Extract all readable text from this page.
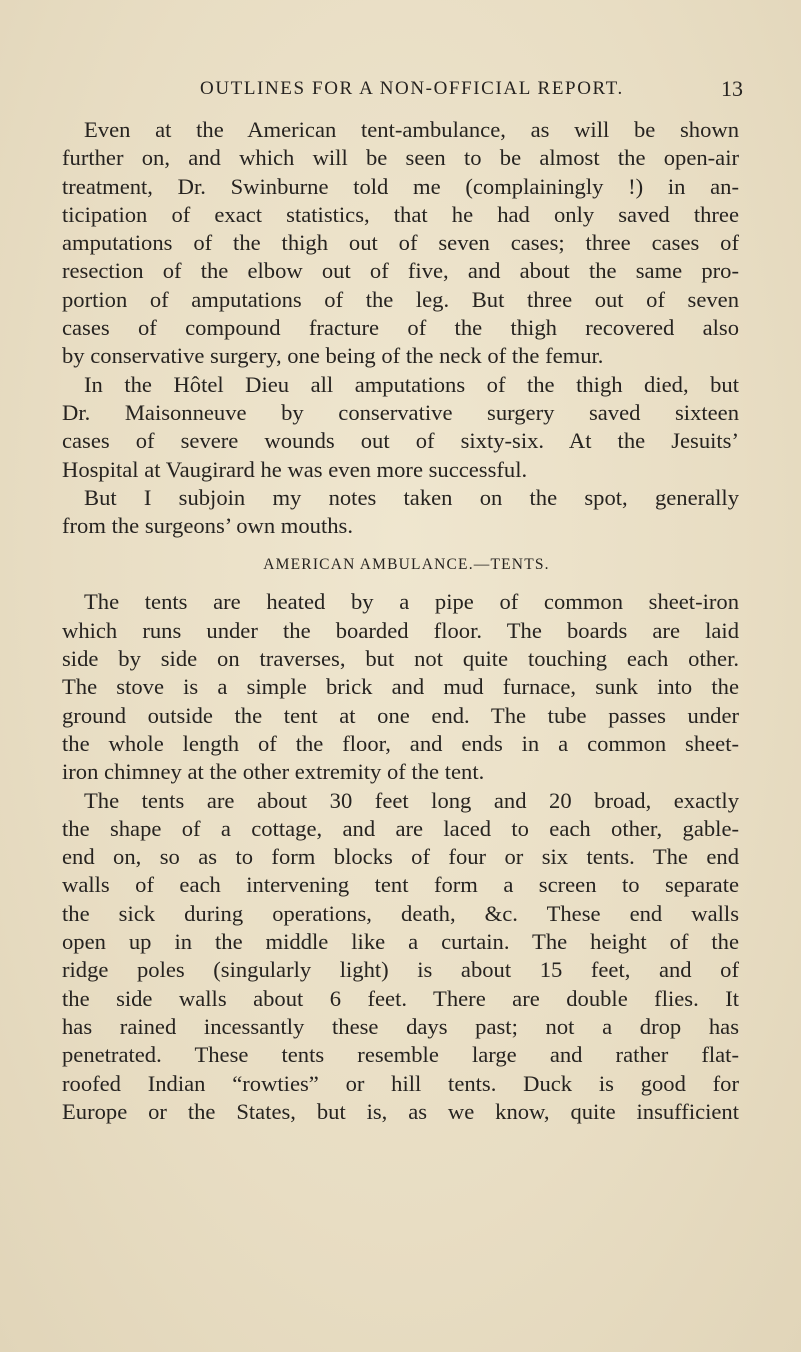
OUTLINES FOR A NON-OFFICIAL REPORT.	13
Even at the American tent-ambulance, as will be shown
further on, and which will be seen to be almost the open-air
treatment, Dr. Swinburne told me (complainingly !) in an-
ticipation of exact statistics, that he had only saved three
amputations of the thigh out of seven cases; three cases of
resection of the elbow out of five, and about the same pro-
portion of amputations of the leg. But three out of seven
cases of compound fracture of the thigh recovered also
by conservative surgery, one being of the neck of the femur.
In the Hôtel Dieu all amputations of the thigh died, but
Dr. Maisonneuve by conservative surgery saved sixteen
cases of severe wounds out of sixty-six. At the Jesuits’
Hospital at Vaugirard he was even more successful.
But I subjoin my notes taken on the spot, generally
from the surgeons’ own mouths.
AMERICAN AMBULANCE.—TENTS.
The tents are heated by a pipe of common sheet-iron
which runs under the boarded floor. The boards are laid
side by side on traverses, but not quite touching each other.
The stove is a simple brick and mud furnace, sunk into the
ground outside the tent at one end. The tube passes under
the whole length of the floor, and ends in a common sheet-
iron chimney at the other extremity of the tent.
The tents are about 30 feet long and 20 broad, exactly
the shape of a cottage, and are laced to each other, gable-
end on, so as to form blocks of four or six tents. The end
walls of each intervening tent form a screen to separate
the sick during operations, death, &c. These end walls
open up in the middle like a curtain. The height of the
ridge poles (singularly light) is about 15 feet, and of
the side walls about 6 feet. There are double flies. It
has rained incessantly these days past; not a drop has
penetrated. These tents resemble large and rather flat-
roofed Indian “rowties” or hill tents. Duck is good for
Europe or the States, but is, as we know, quite insufficient
